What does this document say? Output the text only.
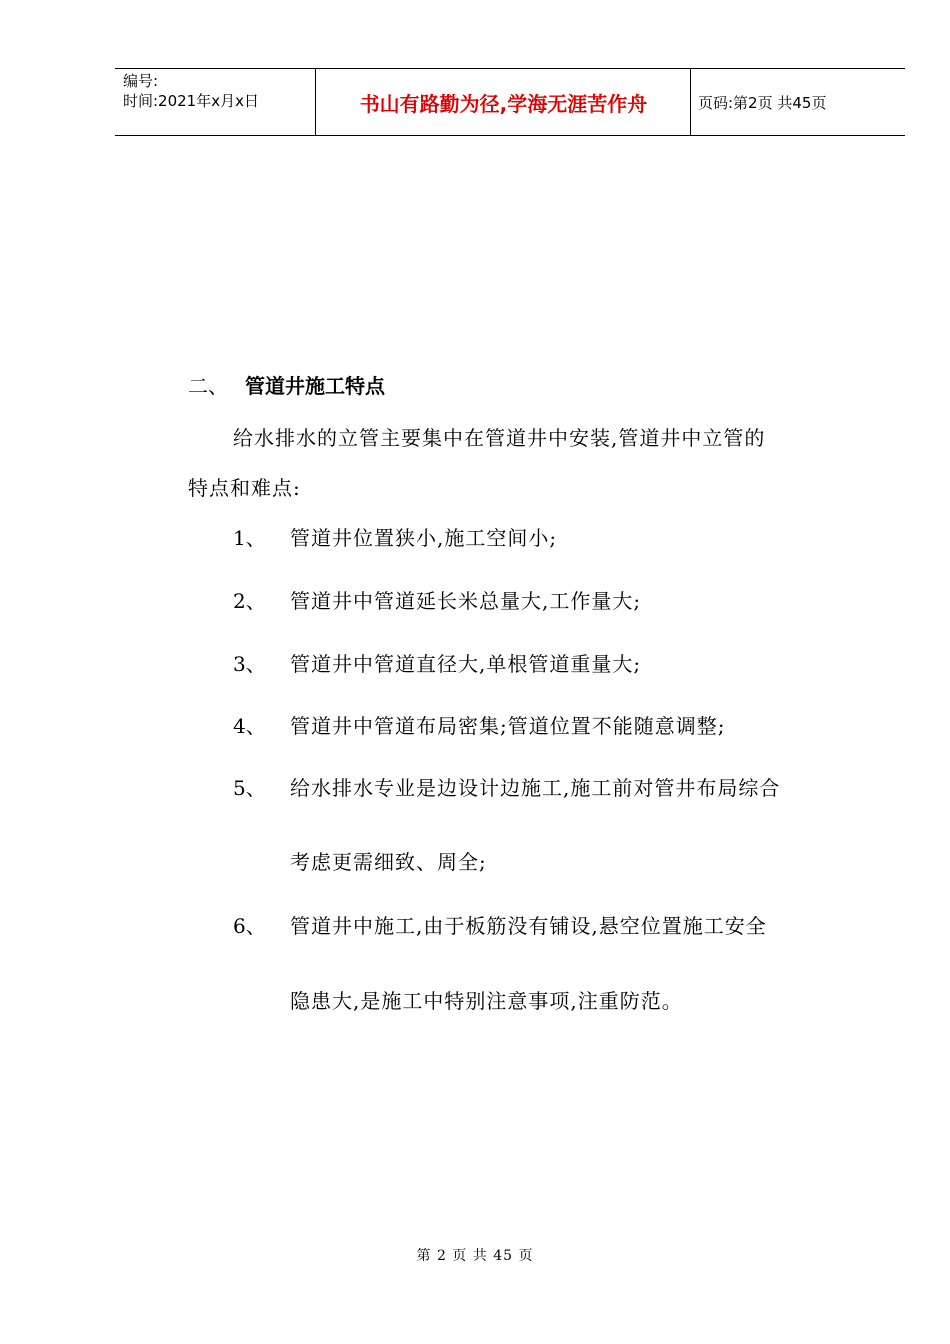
编号:
时间:2021年x月x日	书山有路勤为径,学海无涯苦作舟	页码:第2页 共45页
二、 管道井施工特点
给水排水的立管主要集中在管道井中安装,管道井中立管的
特点和难点:
1、 管道井位置狭小,施工空间小;
2、 管道井中管道延长米总量大,工作量大;
3、 管道井中管道直径大,单根管道重量大;
4、 管道井中管道布局密集;管道位置不能随意调整;
5、 给水排水专业是边设计边施工,施工前对管井布局综合
考虑更需细致、周全;
6、 管道井中施工,由于板筋没有铺设,悬空位置施工安全
隐患大,是施工中特别注意事项,注重防范。
第 2 页 共 45 页
